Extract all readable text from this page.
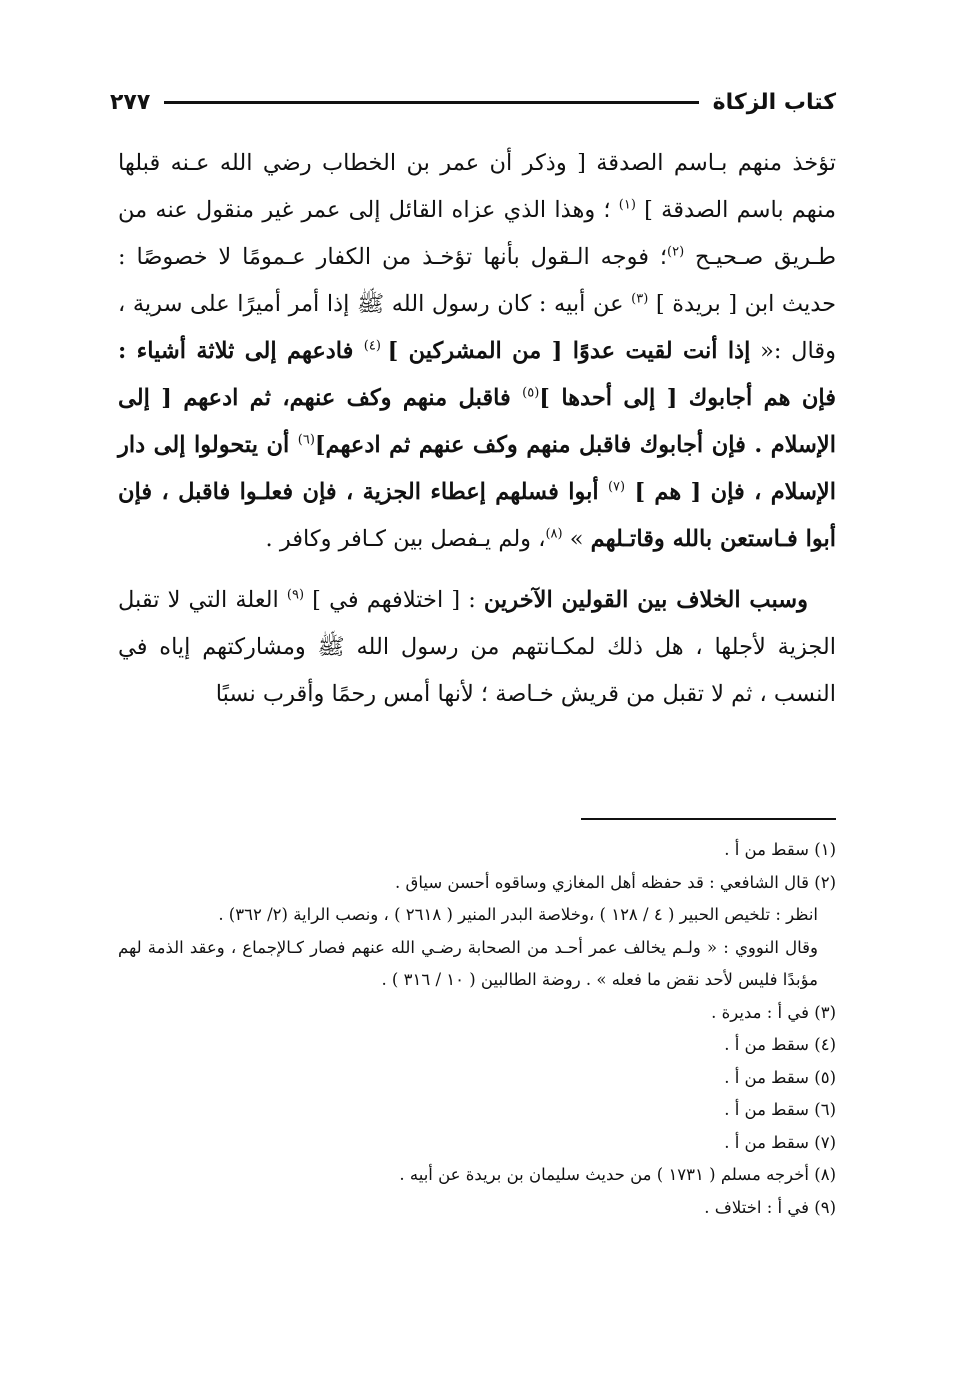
كتاب الزكاة
٢٧٧

تؤخذ منهم بـاسم الصدقة [ وذكر أن عمر بن الخطاب رضي الله عـنه قبلها منهم باسم الصدقة ] $^{(١)}$ ؛ وهذا الذي عزاه القائل إلى عمر غير منقول عنه من طـريق صـحيـح $^{(٢)}$؛ فوجه الـقول بأنها تؤخـذ من الكفار عـمومًا لا خصوصًا : حديث ابن [ بريدة ] $^{(٣)}$ عن أبيه : كان رسول الله ﷺ إذا أمر أميرًا على سرية ، وقال :« إذا أنت لقيت عدوًا [ من المشركين ] $^{(٤)}$ فادعهم إلى ثلاثة أشياء : فإن هم أجابوك [ إلى أحدها ]$^{(٥)}$ فاقبل منهم وكف عنهم، ثم ادعهم [ إلى الإسلام . فإن أجابوك فاقبل منهم وكف عنهم ثم ادعهم]$^{(٦)}$ أن يتحولوا إلى دار الإسلام ، فإن [ هم ] $^{(٧)}$ أبوا فسلهم إعطاء الجزية ، فإن فعلـوا فاقبل ، فإن أبوا فـاستعن بالله وقاتـلهم » $^{(٨)}$، ولم يـفصل بين كـافر وكافر .

وسبب الخلاف بين القولين الآخرين : [ اختلافهم في ] $^{(٩)}$ العلة التي لا تقبل الجزية لأجلها ، هل ذلك لمكـانتهم من رسول الله ﷺ ومشاركتهم إياه في النسب ، ثم لا تقبل من قريش خـاصة ؛ لأنها أمس رحمًا وأقرب نسبًا

(١) سقط من أ .

(٢) قال الشافعي : قد حفظه أهل المغازي وساقوه أحسن سياق .

انظر : تلخيص الحبير ( ٤ / ١٢٨ ) ،وخلاصة البدر المنير ( ٢٦١٨ ) ، ونصب الراية (٢/ ٣٦٢) .

وقال النووي : « ولـم يخالف عمر أحـد من الصحابة رضـي الله عنهم فصار كـالإجماع ، وعقد الذمة لهم مؤبدًا فليس لأحد نقض ما فعله » . روضة الطالبين ( ١٠ / ٣١٦ ) .

(٣) في أ : مديرة .

(٤) سقط من أ .

(٥) سقط من أ .

(٦) سقط من أ .

(٧) سقط من أ .

(٨) أخرجه مسلم ( ١٧٣١ ) من حديث سليمان بن بريدة عن أبيه .

(٩) في أ : اختلاف .
